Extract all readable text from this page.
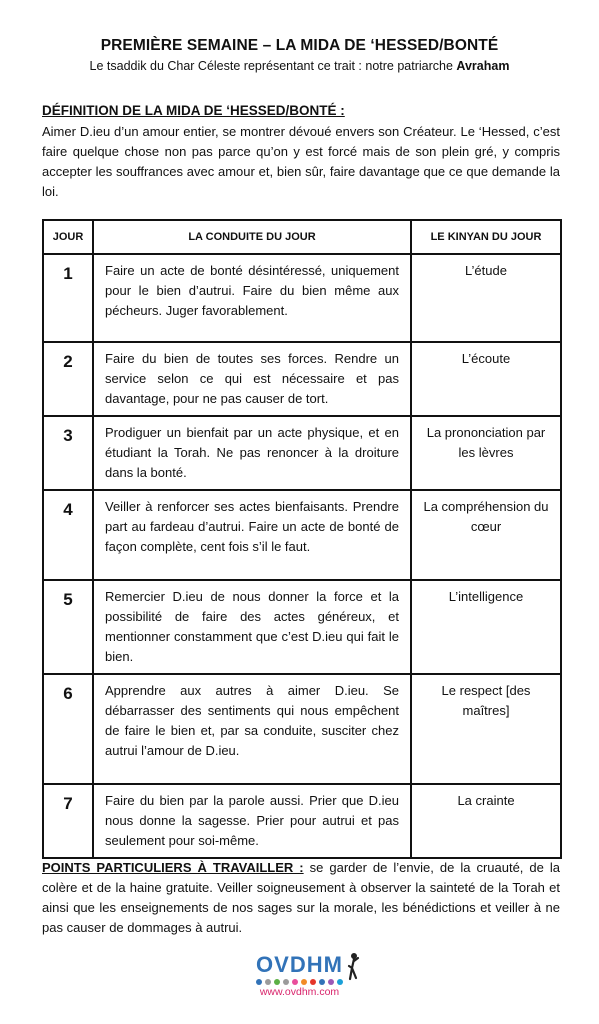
PREMIÈRE SEMAINE – LA MIDA DE ‘HESSED/BONTÉ
Le tsaddik du Char Céleste représentant ce trait : notre patriarche Avraham
DÉFINITION DE LA MIDA DE ‘HESSED/BONTÉ :
Aimer D.ieu d’un amour entier, se montrer dévoué envers son Créateur. Le ‘Hessed, c’est faire quelque chose non pas parce qu’on y est forcé mais de son plein gré, y compris accepter les souffrances avec amour et, bien sûr, faire davantage que ce que demande la loi.
JOUR	LA CONDUITE DU JOUR	LE KINYAN DU JOUR
1	Faire un acte de bonté désintéressé, uniquement pour le bien d’autrui. Faire du bien même aux pécheurs. Juger favorablement.	L’étude
2	Faire du bien de toutes ses forces. Rendre un service selon ce qui est nécessaire et pas davantage, pour ne pas causer de tort.	L’écoute
3	Prodiguer un bienfait par un acte physique, et en étudiant la Torah. Ne pas renoncer à la droiture dans la bonté.	La prononciation par les lèvres
4	Veiller à renforcer ses actes bienfaisants. Prendre part au fardeau d’autrui. Faire un acte de bonté de façon complète, cent fois s’il le faut.	La compréhension du cœur
5	Remercier D.ieu de nous donner la force et la possibilité de faire des actes généreux, et mentionner constamment que c’est D.ieu qui fait le bien.	L’intelligence
6	Apprendre aux autres à aimer D.ieu. Se débarrasser des sentiments qui nous empêchent de faire le bien et, par sa conduite, susciter chez autrui l’amour de D.ieu.	Le respect [des maîtres]
7	Faire du bien par la parole aussi. Prier que D.ieu nous donne la sagesse. Prier pour autrui et pas seulement pour soi-même.	La crainte
POINTS PARTICULIERS À TRAVAILLER : se garder de l’envie, de la cruauté, de la colère et de la haine gratuite. Veiller soigneusement à observer la sainteté de la Torah et ainsi que les enseignements de nos sages sur la morale, les bénédictions et veiller à ne pas causer de dommages à autrui.
OVDHM
www.ovdhm.com
